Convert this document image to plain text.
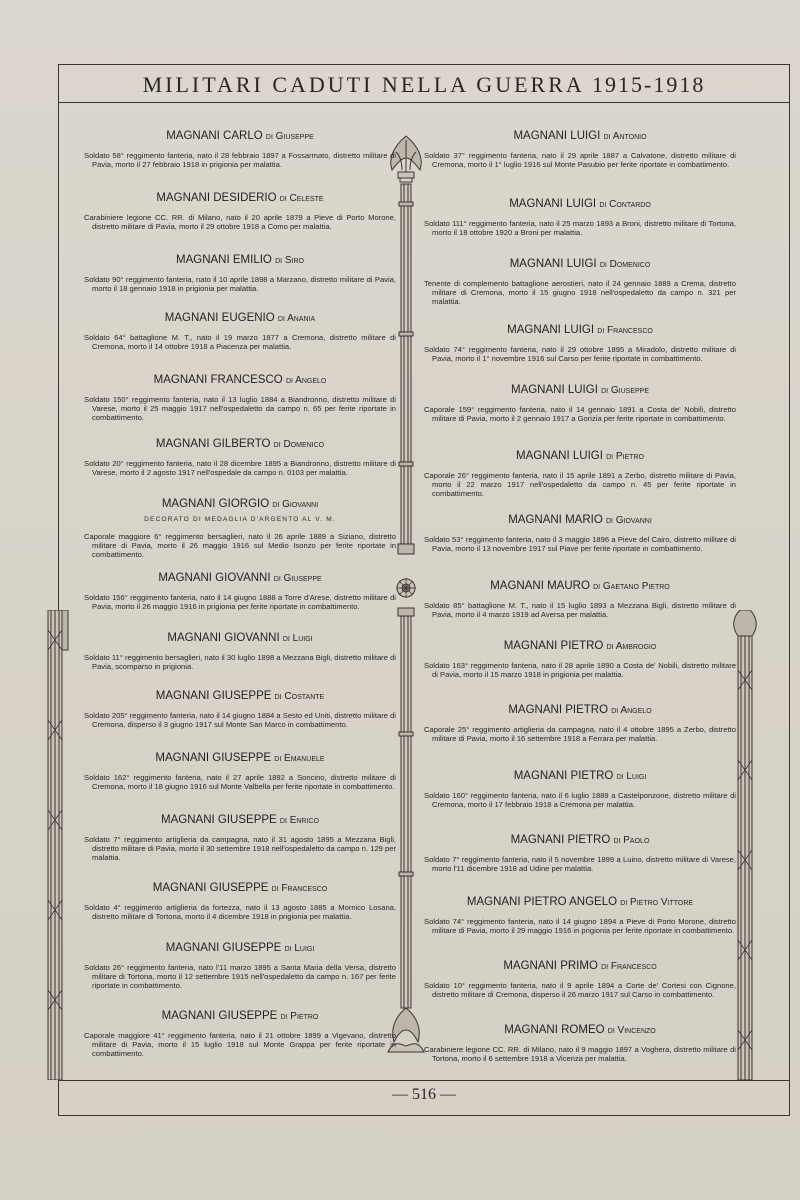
MILITARI CADUTI NELLA GUERRA 1915-1918
MAGNANI CARLO di Giuseppe

Soldato 58° reggimento fanteria, nato il 28 febbraio 1897 a Fossarmato, distretto militare di Pavia, morto il 27 febbraio 1918 in prigionia per malattia.

MAGNANI DESIDERIO di Celeste

Carabiniere legione CC. RR. di Milano, nato il 20 aprile 1879 a Pieve di Porto Morone, distretto militare di Pavia, morto il 29 ottobre 1918 a Como per malattia.

MAGNANI EMILIO di Siro

Soldato 90° reggimento fanteria, nato il 10 aprile 1898 a Marzano, distretto militare di Pavia, morto il 18 gennaio 1918 in prigionia per malattia.

MAGNANI EUGENIO di Anania

Soldato 64° battaglione M. T., nato il 19 marzo 1877 a Cremona, distretto militare di Cremona, morto il 14 ottobre 1918 a Piacenza per malattia.

MAGNANI FRANCESCO di Angelo

Soldato 150° reggimento fanteria, nato il 13 luglio 1884 a Biandronno, distretto militare di Varese, morto il 25 maggio 1917 nell'ospedaletto da campo n. 65 per ferite riportate in combattimento.

MAGNANI GILBERTO di Domenico

Soldato 20° reggimento fanteria, nato il 28 dicembre 1895 a Biandronno, distretto militare di Varese, morto il 2 agosto 1917 nell'ospedale da campo n. 0103 per malattia.

MAGNANI GIORGIO di Giovanni
DECORATO DI MEDAGLIA D'ARGENTO AL V. M.

Caporale maggiore 6° reggimento bersaglieri, nato il 26 aprile 1889 a Siziano, distretto militare di Pavia, morto il 26 maggio 1916 sul Medio Isonzo per ferite riportate in combattimento.

MAGNANI GIOVANNI di Giuseppe

Soldato 156° reggimento fanteria, nato il 14 giugno 1888 a Torre d'Arese, distretto militare di Pavia, morto il 26 maggio 1916 in prigionia per ferite riportate in combattimento.

MAGNANI GIOVANNI di Luigi

Soldato 11° reggimento bersaglieri, nato il 30 luglio 1898 a Mezzana Bigli, distretto militare di Pavia, scomparso in prigionia.

MAGNANI GIUSEPPE di Costante

Soldato 205° reggimento fanteria, nato il 14 giugno 1884 a Sesto ed Uniti, distretto militare di Cremona, disperso il 3 giugno 1917 sul Monte San Marco in combattimento.

MAGNANI GIUSEPPE di Emanuele

Soldato 162° reggimento fanteria, nato il 27 aprile 1892 a Soncino, distretto militare di Cremona, morto il 18 giugno 1916 sul Monte Valbella per ferite riportate in combattimento.

MAGNANI GIUSEPPE di Enrico

Soldato 7° reggimento artiglieria da campagna, nato il 31 agosto 1895 a Mezzana Bigli, distretto militare di Pavia, morto il 30 settembre 1918 nell'ospedaletto da campo n. 129 per malattia.

MAGNANI GIUSEPPE di Francesco

Soldato 4° reggimento artiglieria da fortezza, nato il 13 agosto 1885 a Mornico Losana, distretto militare di Tortona, morto il 4 dicembre 1918 in prigionia per malattia.

MAGNANI GIUSEPPE di Luigi

Soldato 26° reggimento fanteria, nato l'11 marzo 1895 a Santa Maria della Versa, distretto militare di Tortona, morto il 12 settembre 1915 nell'ospedaletto da campo n. 167 per ferite riportate in combattimento.

MAGNANI GIUSEPPE di Pietro

Caporale maggiore 41° reggimento fanteria, nato il 21 ottobre 1899 a Vigevano, distretto militare di Pavia, morto il 15 luglio 1918 sul Monte Grappa per ferite riportate in combattimento.

MAGNANI LUIGI di Antonio

Soldato 37° reggimento fanteria, nato il 29 aprile 1887 a Calvatone, distretto militare di Cremona, morto il 1° luglio 1916 sul Monte Pasubio per ferite riportate in combattimento.

MAGNANI LUIGI di Contardo

Soldato 111° reggimento fanteria, nato il 25 marzo 1893 a Broni, distretto militare di Tortona, morto il 18 ottobre 1920 a Broni per malattia.

MAGNANI LUIGI di Domenico

Tenente di complemento battaglione aerostieri, nato il 24 gennaio 1889 a Crema, distretto militare di Cremona, morto il 15 giugno 1918 nell'ospedaletto da campo n. 321 per malattia.

MAGNANI LUIGI di Francesco

Soldato 74° reggimento fanteria, nato il 29 ottobre 1895 a Miradolo, distretto militare di Pavia, morto il 1° novembre 1916 sul Carso per ferite riportate in combattimento.

MAGNANI LUIGI di Giuseppe

Caporale 159° reggimento fanteria, nato il 14 gennaio 1891 a Costa de' Nobili, distretto militare di Pavia, morto il 2 gennaio 1917 a Gorizia per ferite riportate in combattimento.

MAGNANI LUIGI di Pietro

Caporale 26° reggimento fanteria, nato il 15 aprile 1891 a Zerbo, distretto militare di Pavia, morto il 22 marzo 1917 nell'ospedaletto da campo n. 45 per ferite riportate in combattimento.

MAGNANI MARIO di Giovanni

Soldato 53° reggimento fanteria, nato il 3 maggio 1896 a Pieve del Cairo, distretto militare di Pavia, morto il 13 novembre 1917 sul Piave per ferite riportate in combattimento.

MAGNANI MAURO di Gaetano Pietro

Soldato 85° battaglione M. T., nato il 15 luglio 1893 a Mezzana Bigli, distretto militare di Pavia, morto il 4 marzo 1919 ad Aversa per malattia.

MAGNANI PIETRO di Ambrogio

Soldato 163° reggimento fanteria, nato il 28 aprile 1890 a Costa de' Nobili, distretto militare di Pavia, morto il 15 marzo 1918 in prigionia per malattia.

MAGNANI PIETRO di Angelo

Caporale 25° reggimento artiglieria da campagna, nato il 4 ottobre 1895 a Zerbo, distretto militare di Pavia, morto il 16 settembre 1918 a Ferrara per malattia.

MAGNANI PIETRO di Luigi

Soldato 160° reggimento fanteria, nato il 6 luglio 1889 a Castelponzone, distretto militare di Cremona, morto il 17 febbraio 1918 a Cremona per malattia.

MAGNANI PIETRO di Paolo

Soldato 7° reggimento fanteria, nato il 5 novembre 1899 a Luino, distretto militare di Varese, morto l'11 dicembre 1918 ad Udine per malattia.

MAGNANI PIETRO ANGELO di Pietro Vittore

Soldato 74° reggimento fanteria, nato il 14 giugno 1894 a Pieve di Porto Morone, distretto militare di Pavia, morto il 29 maggio 1916 in prigionia per ferite riportate in combattimento.

MAGNANI PRIMO di Francesco

Soldato 10° reggimento fanteria, nato il 9 aprile 1894 a Corte de' Cortesi con Cignone, distretto militare di Cremona, disperso il 26 marzo 1917 sul Carso in combattimento.

MAGNANI ROMEO di Vincenzo

Carabiniere legione CC. RR. di Milano, nato il 9 maggio 1897 a Voghera, distretto militare di Tortona, morto il 6 settembre 1918 a Vicenza per malattia.

— 516 —
